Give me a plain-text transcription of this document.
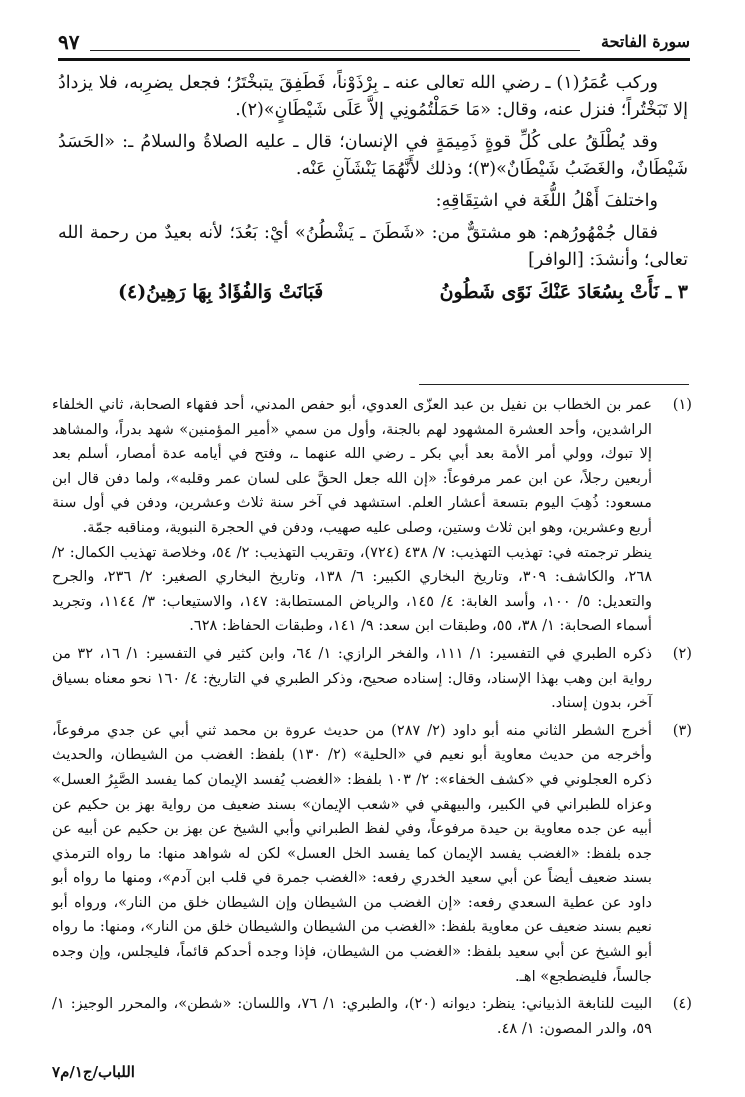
سورة الفاتحة
٩٧

وركب عُمَرُ(١) ـ رضي الله تعالى عنه ـ بِرْذَوْناً، فَطَفِقَ يتبخْتَرُ؛ فجعل يضرِبه، فلا يزدادُ إلا تَبَخْتُراً؛ فنزل عنه، وقال: «مَا حَمَلْتُمُونِي إلاَّ عَلَى شَيْطَانٍ»(٢).

وقد يُطْلَقُ على كُلِّ قوةٍ ذَمِيمَةٍ في الإنسان؛ قال ـ عليه الصلاةُ والسلامُ ـ: «الحَسَدُ شَيْطَانٌ، والغَضَبُ شَيْطَانٌ»(٣)؛ وذلك لأَنَّهُمَا يَنْشَآنِ عَنْه.

واختلفَ أَهْلُ اللُّغَة في اشتِقَاقِهِ:

فقال جُمْهُورُهم: هو مشتقٌّ من: «شَطَنَ ـ يَشْطُنُ» أيْ: بَعُدَ؛ لأنه بعيدٌ من رحمة الله تعالى؛ وأنشدَ: [الوافر]

٣ ـ نَأَتْ بِسُعَادَ عَنْكَ نَوًى شَطُونُ
فَبَانَتْ وَالفُؤَادُ بِهَا رَهِينُ(٤)
(١)

عمر بن الخطاب بن نفيل بن عبد العزّى العدوي، أبو حفص المدني، أحد فقهاء الصحابة، ثاني الخلفاء الراشدين، وأحد العشرة المشهود لهم بالجنة، وأول من سمي «أمير المؤمنين» شهد بدراً، والمشاهد إلا تبوك، وولي أمر الأمة بعد أبي بكر ـ رضي الله عنهما ـ، وفتح في أيامه عدة أمصار، أسلم بعد أربعين رجلاً، عن ابن عمر مرفوعاً: «إن الله جعل الحقَّ على لسان عمر وقلبه»، ولما دفن قال ابن مسعود: ذُهِبَ اليوم بتسعة أعشار العلم. استشهد في آخر سنة ثلاث وعشرين، ودفن في أول سنة أربع وعشرين، وهو ابن ثلاث وستين، وصلى عليه صهيب، ودفن في الحجرة النبوية، ومناقبه جمّة.

ينظر ترجمته في: تهذيب التهذيب: ٧/ ٤٣٨ (٧٢٤)، وتقريب التهذيب: ٢/ ٥٤، وخلاصة تهذيب الكمال: ٢/ ٢٦٨، والكاشف: ٣٠٩، وتاريخ البخاري الكبير: ٦/ ١٣٨، وتاريخ البخاري الصغير: ٢/ ٢٣٦، والجرح والتعديل: ٥/ ١٠٠، وأسد الغابة: ٤/ ١٤٥، والرياض المستطابة: ١٤٧، والاستيعاب: ٣/ ١١٤٤، وتجريد أسماء الصحابة: ١/ ٣٨، ٥٥، وطبقات ابن سعد: ٩/ ١٤١، وطبقات الحفاظ: ٦٢٨.

(٢)

ذكره الطبري في التفسير: ١/ ١١١، والفخر الرازي: ١/ ٦٤، وابن كثير في التفسير: ١/ ١٦، ٣٢ من رواية ابن وهب بهذا الإسناد، وقال: إسناده صحيح، وذكر الطبري في التاريخ: ٤/ ١٦٠ نحو معناه بسياق آخر، بدون إسناد.

(٣)

أخرج الشطر الثاني منه أبو داود (٢/ ٢٨٧) من حديث عروة بن محمد ثني أبي عن جدي مرفوعاً، وأخرجه من حديث معاوية أبو نعيم في «الحلية» (٢/ ١٣٠) بلفظ: الغضب من الشيطان، والحديث ذكره العجلوني في «كشف الخفاء»: ٢/ ١٠٣ بلفظ: «الغضب يُفسد الإيمان كما يفسد الصَّبِرُ العسل» وعزاه للطبراني في الكبير، والبيهقي في «شعب الإيمان» بسند ضعيف من رواية بهز بن حكيم عن أبيه عن جده معاوية بن حيدة مرفوعاً، وفي لفظ الطبراني وأبي الشيخ عن بهز بن حكيم عن أبيه عن جده بلفظ: «الغضب يفسد الإيمان كما يفسد الخل العسل» لكن له شواهد منها: ما رواه الترمذي بسند ضعيف أيضاً عن أبي سعيد الخدري رفعه: «الغضب جمرة في قلب ابن آدم»، ومنها ما رواه أبو داود عن عطية السعدي رفعه: «إن الغضب من الشيطان وإن الشيطان خلق من النار»، ورواه أبو نعيم بسند ضعيف عن معاوية بلفظ: «الغضب من الشيطان والشيطان خلق من النار»، ومنها: ما رواه أبو الشيخ عن أبي سعيد بلفظ: «الغضب من الشيطان، فإذا وجده أحدكم قائماً، فليجلس، وإن وجده جالساً، فليضطجع» اهـ.

(٤)

البيت للنابغة الذبياني: ينظر: ديوانه (٢٠)، والطبري: ١/ ٧٦، واللسان: «شطن»، والمحرر الوجيز: ١/ ٥٩، والدر المصون: ١/ ٤٨.

اللباب/ج١/م٧
